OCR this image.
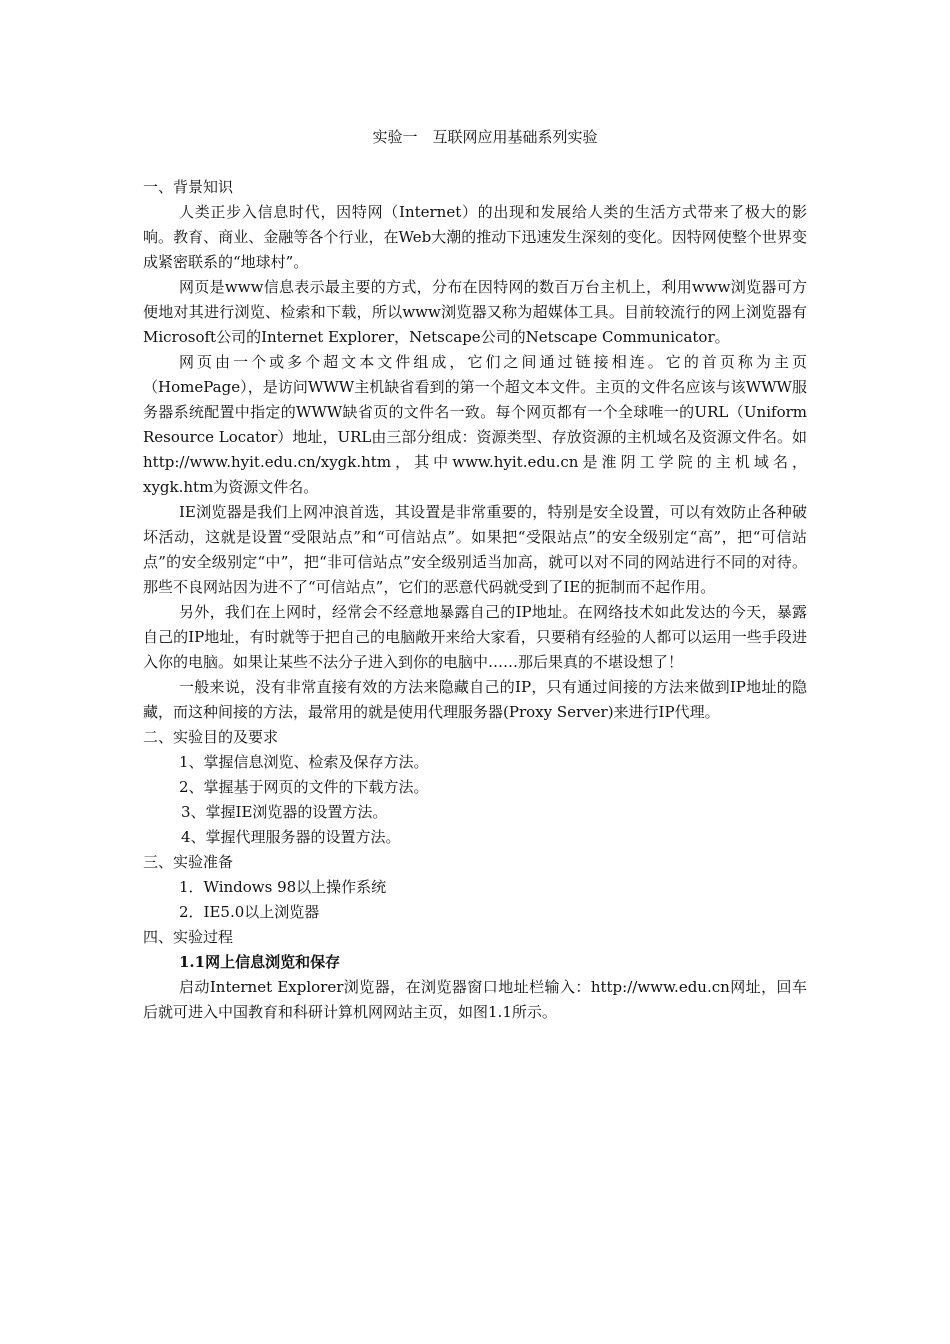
实验一　互联网应用基础系列实验

一、背景知识

人类正步入信息时代，因特网（Internet）的出现和发展给人类的生活方式带来了极大的影响。教育、商业、金融等各个行业，在Web大潮的推动下迅速发生深刻的变化。因特网使整个世界变成紧密联系的“地球村”。

网页是www信息表示最主要的方式，分布在因特网的数百万台主机上，利用www浏览器可方便地对其进行浏览、检索和下载，所以www浏览器又称为超媒体工具。目前较流行的网上浏览器有Microsoft公司的Internet Explorer，Netscape公司的Netscape Communicator。

网页由一个或多个超文本文件组成，它们之间通过链接相连。它的首页称为主页（HomePage），是访问WWW主机缺省看到的第一个超文本文件。主页的文件名应该与该WWW服务器系统配置中指定的WWW缺省页的文件名一致。每个网页都有一个全球唯一的URL（Uniform Resource Locator）地址，URL由三部分组成：资源类型、存放资源的主机域名及资源文件名。如http://www.hyit.edu.cn/xygk.htm，其中www.hyit.edu.cn是淮阴工学院的主机域名，xygk.htm为资源文件名。

IE浏览器是我们上网冲浪首选，其设置是非常重要的，特别是安全设置，可以有效防止各种破坏活动，这就是设置“受限站点”和“可信站点”。如果把“受限站点”的安全级别定“高”，把“可信站点”的安全级别定“中”，把“非可信站点”安全级别适当加高，就可以对不同的网站进行不同的对待。那些不良网站因为进不了“可信站点”，它们的恶意代码就受到了IE的扼制而不起作用。

另外，我们在上网时，经常会不经意地暴露自己的IP地址。在网络技术如此发达的今天，暴露自己的IP地址，有时就等于把自己的电脑敞开来给大家看，只要稍有经验的人都可以运用一些手段进入你的电脑。如果让某些不法分子进入到你的电脑中……那后果真的不堪设想了！

一般来说，没有非常直接有效的方法来隐藏自己的IP，只有通过间接的方法来做到IP地址的隐藏，而这种间接的方法，最常用的就是使用代理服务器(Proxy Server)来进行IP代理。

二、实验目的及要求

1、掌握信息浏览、检索及保存方法。

2、掌握基于网页的文件的下载方法。

3、掌握IE浏览器的设置方法。

4、掌握代理服务器的设置方法。

三、实验准备

1．Windows 98以上操作系统

2．IE5.0以上浏览器

四、实验过程

1.1网上信息浏览和保存

启动Internet Explorer浏览器，在浏览器窗口地址栏输入：http://www.edu.cn网址，回车后就可进入中国教育和科研计算机网网站主页，如图1.1所示。
